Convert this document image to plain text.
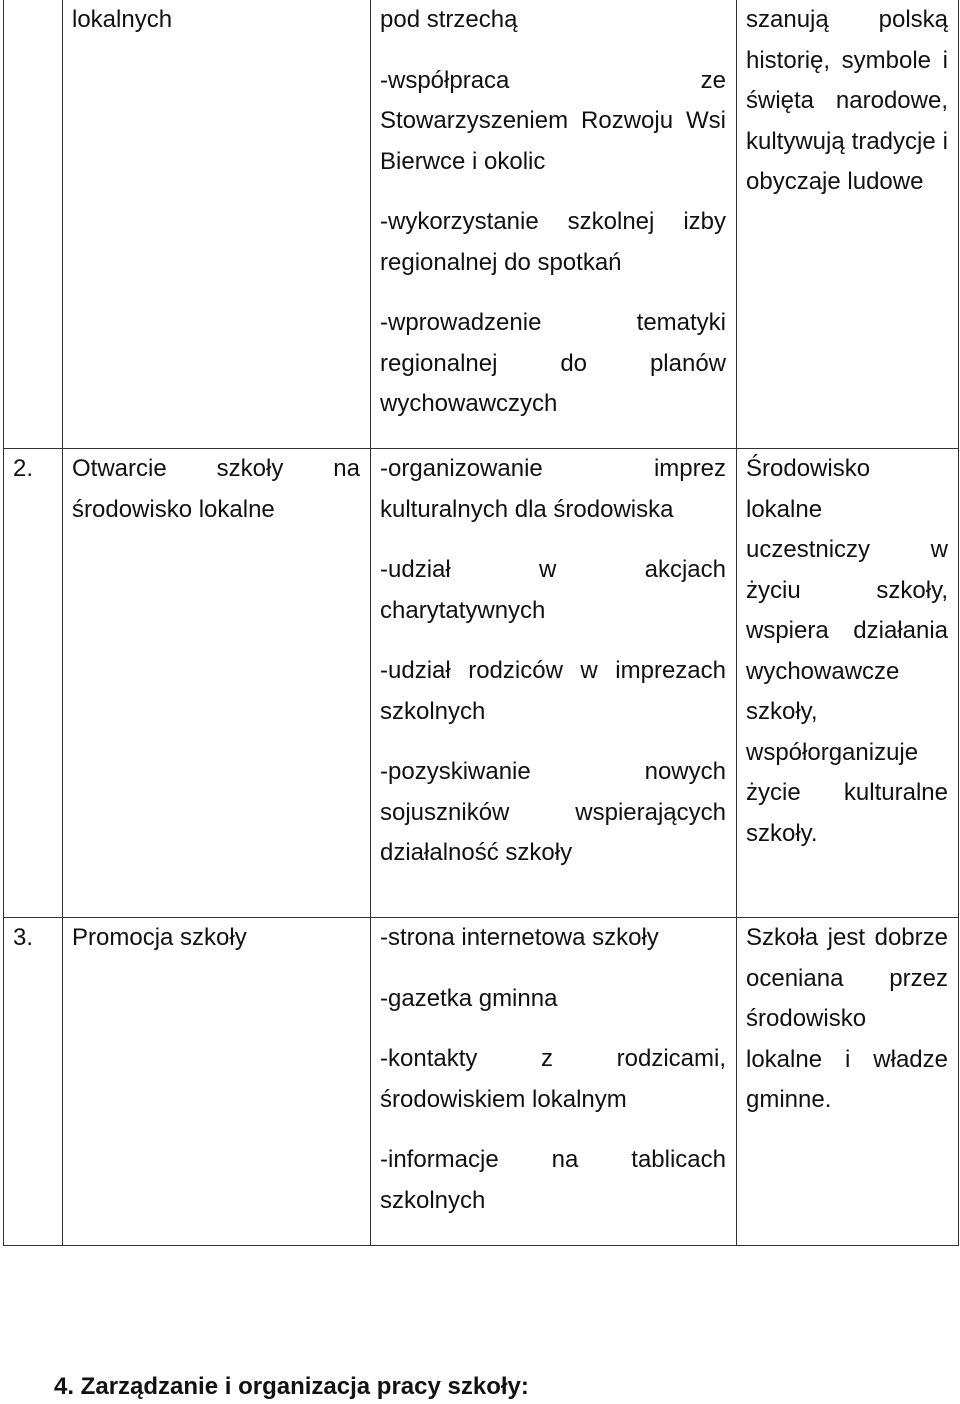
	lokalnych	pod strzechą

-współpraca ze Stowarzyszeniem Rozwoju Wsi Bierwce i okolic

-wykorzystanie szkolnej izby regionalnej do spotkań

-wprowadzenie tematyki regionalnej do planów wychowawczych	szanują polską historię, symbole i święta narodowe, kultywują tradycje i obyczaje ludowe

2.	Otwarcie szkoły na środowisko lokalne	-organizowanie imprez kulturalnych dla środowiska

-udział w akcjach charytatywnych

-udział rodziców w imprezach szkolnych

-pozyskiwanie nowych sojuszników wspierających działalność szkoły	Środowisko lokalne uczestniczy w życiu szkoły, wspiera działania wychowawcze szkoły, współorganizuje życie kulturalne szkoły.

3.	Promocja szkoły	-strona internetowa szkoły

-gazetka gminna

-kontakty z rodzicami, środowiskiem lokalnym

-informacje na tablicach szkolnych	Szkoła jest dobrze oceniana przez środowisko lokalne i władze gminne.

4. Zarządzanie i organizacja pracy szkoły:
